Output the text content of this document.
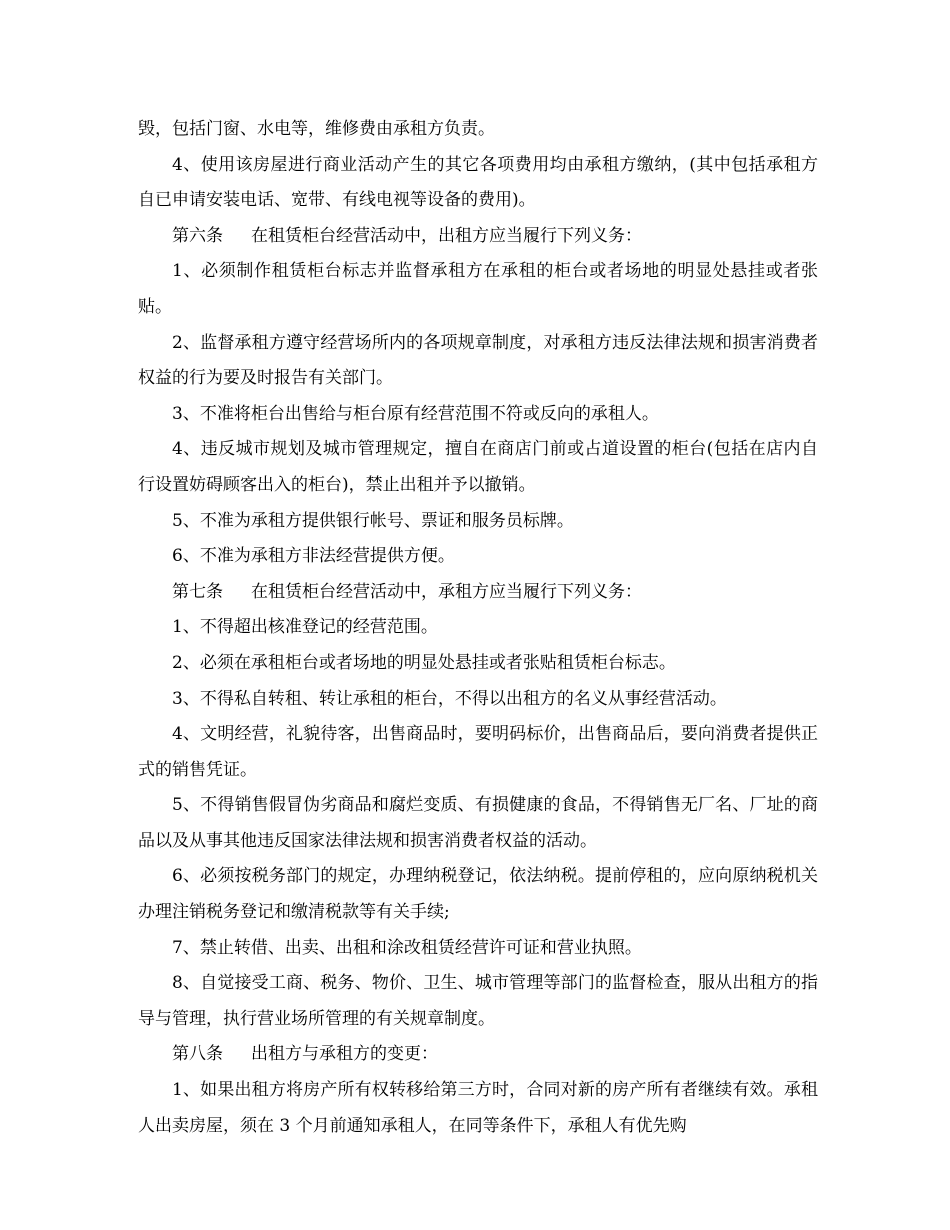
毁，包括门窗、水电等，维修费由承租方负责。

4、使用该房屋进行商业活动产生的其它各项费用均由承租方缴纳，(其中包括承租方自已申请安装电话、宽带、有线电视等设备的费用)。

第六条 在租赁柜台经营活动中，出租方应当履行下列义务：

1、必须制作租赁柜台标志并监督承租方在承租的柜台或者场地的明显处悬挂或者张贴。

2、监督承租方遵守经营场所内的各项规章制度，对承租方违反法律法规和损害消费者权益的行为要及时报告有关部门。

3、不准将柜台出售给与柜台原有经营范围不符或反向的承租人。

4、违反城市规划及城市管理规定，擅自在商店门前或占道设置的柜台(包括在店内自行设置妨碍顾客出入的柜台)，禁止出租并予以撤销。

5、不准为承租方提供银行帐号、票证和服务员标牌。

6、不准为承租方非法经营提供方便。

第七条 在租赁柜台经营活动中，承租方应当履行下列义务：

1、不得超出核准登记的经营范围。

2、必须在承租柜台或者场地的明显处悬挂或者张贴租赁柜台标志。

3、不得私自转租、转让承租的柜台，不得以出租方的名义从事经营活动。

4、文明经营，礼貌待客，出售商品时，要明码标价，出售商品后，要向消费者提供正式的销售凭证。

5、不得销售假冒伪劣商品和腐烂变质、有损健康的食品，不得销售无厂名、厂址的商品以及从事其他违反国家法律法规和损害消费者权益的活动。

6、必须按税务部门的规定，办理纳税登记，依法纳税。提前停租的，应向原纳税机关办理注销税务登记和缴清税款等有关手续;

7、禁止转借、出卖、出租和涂改租赁经营许可证和营业执照。

8、自觉接受工商、税务、物价、卫生、城市管理等部门的监督检查，服从出租方的指导与管理，执行营业场所管理的有关规章制度。

第八条 出租方与承租方的变更：

1、如果出租方将房产所有权转移给第三方时，合同对新的房产所有者继续有效。承租人出卖房屋，须在 3 个月前通知承租人，在同等条件下，承租人有优先购
